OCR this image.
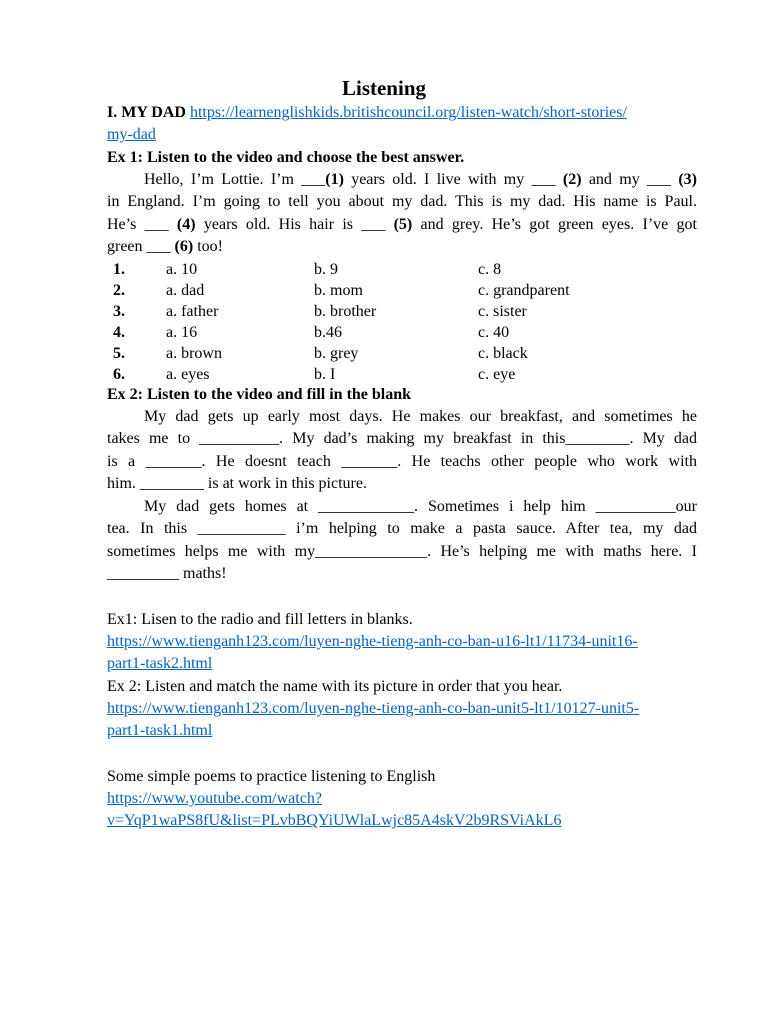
Listening
I. MY DAD https://learnenglishkids.britishcouncil.org/listen-watch/short-stories/
my-dad
Ex 1: Listen to the video and choose the best answer.
Hello, I’m Lottie. I’m ___(1) years old. I live with my ___ (2) and my ___ (3)
in England. I’m going to tell you about my dad. This is my dad. His name is Paul.
He’s ___ (4) years old. His hair is ___ (5) and grey. He’s got green eyes. I’ve got
green ___ (6) too!
1.	a. 10	b. 9	c. 8
2.	a. dad	b. mom	c. grandparent
3.	a. father	b. brother	c. sister
4.	a. 16	b.46	c. 40
5.	a. brown	b. grey	c. black
6.	a. eyes	b. I	c. eye
Ex 2: Listen to the video and fill in the blank
My dad gets up early most days. He makes our breakfast, and sometimes he
takes me to __________. My dad’s making my breakfast in this________. My dad
is a _______. He doesnt teach _______. He teachs other people who work with
him. ________ is at work in this picture.
My dad gets homes at ____________. Sometimes i help him __________our
tea. In this ___________ i’m helping to make a pasta sauce. After tea, my dad
sometimes helps me with my______________. He’s helping me with maths here. I
_________ maths!
Ex1: Lisen to the radio and fill letters in blanks.
https://www.tienganh123.com/luyen-nghe-tieng-anh-co-ban-u16-lt1/11734-unit16-
part1-task2.html
Ex 2: Listen and match the name with its picture in order that you hear.
https://www.tienganh123.com/luyen-nghe-tieng-anh-co-ban-unit5-lt1/10127-unit5-
part1-task1.html
Some simple poems to practice listening to English
https://www.youtube.com/watch?
v=YqP1waPS8fU&list=PLvbBQYiUWlaLwjc85A4skV2b9RSViAkL6
